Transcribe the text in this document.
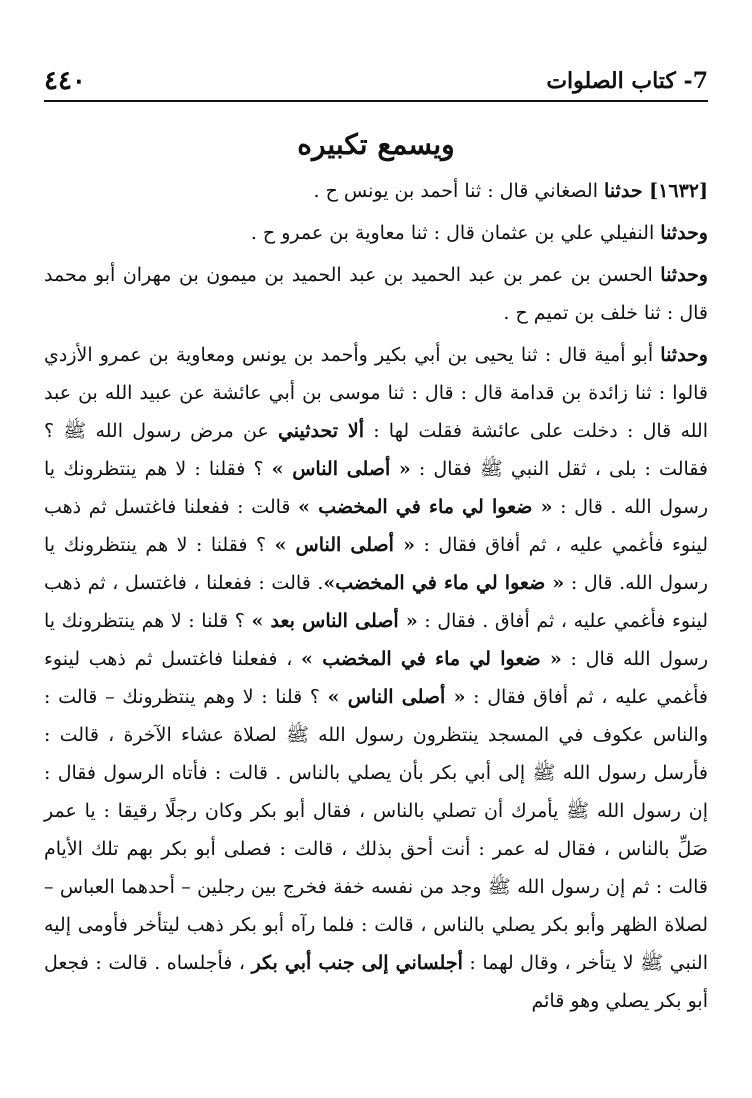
٤٤٠	7- كتاب الصلوات
ويسمع تكبيره

[١٦٣٢] حدثنا الصغاني قال : ثنا أحمد بن يونس ح .

وحدثنا النفيلي علي بن عثمان قال : ثنا معاوية بن عمرو ح .

وحدثنا الحسن بن عمر بن عبد الحميد بن عبد الحميد بن ميمون بن مهران أبو محمد قال : ثنا خلف بن تميم ح .

وحدثنا أبو أمية قال : ثنا يحيى بن أبي بكير وأحمد بن يونس ومعاوية بن عمرو الأزدي قالوا : ثنا زائدة بن قدامة قال : قال : ثنا موسى بن أبي عائشة عن عبيد الله بن عبد الله قال : دخلت على عائشة فقلت لها : ألا تحدثيني عن مرض رسول الله ﷺ ؟ فقالت : بلى ، ثقل النبي ﷺ فقال : « أصلى الناس » ؟ فقلنا : لا هم ينتظرونك يا رسول الله . قال : « ضعوا لي ماء في المخضب » قالت : ففعلنا فاغتسل ثم ذهب لينوء فأغمي عليه ، ثم أفاق فقال : « أصلى الناس » ؟ فقلنا : لا هم ينتظرونك يا رسول الله. قال : « ضعوا لي ماء في المخضب». قالت : ففعلنا ، فاغتسل ، ثم ذهب لينوء فأغمي عليه ، ثم أفاق . فقال : « أصلى الناس بعد » ؟ قلنا : لا هم ينتظرونك يا رسول الله قال : « ضعوا لي ماء في المخضب » ، ففعلنا فاغتسل ثم ذهب لينوء فأغمي عليه ، ثم أفاق فقال : « أصلى الناس » ؟ قلنا : لا وهم ينتظرونك – قالت : والناس عكوف في المسجد ينتظرون رسول الله ﷺ لصلاة عشاء الآخرة ، قالت : فأرسل رسول الله ﷺ إلى أبي بكر بأن يصلي بالناس . قالت : فأتاه الرسول فقال : إن رسول الله ﷺ يأمرك أن تصلي بالناس ، فقال أبو بكر وكان رجلًا رقيقا : يا عمر صَلِّ بالناس ، فقال له عمر : أنت أحق بذلك ، قالت : فصلى أبو بكر بهم تلك الأيام قالت : ثم إن رسول الله ﷺ وجد من نفسه خفة فخرج بين رجلين – أحدهما العباس – لصلاة الظهر وأبو بكر يصلي بالناس ، قالت : فلما رآه أبو بكر ذهب ليتأخر فأومى إليه النبي ﷺ لا يتأخر ، وقال لهما : أجلساني إلى جنب أبي بكر ، فأجلساه . قالت : فجعل أبو بكر يصلي وهو قائم
